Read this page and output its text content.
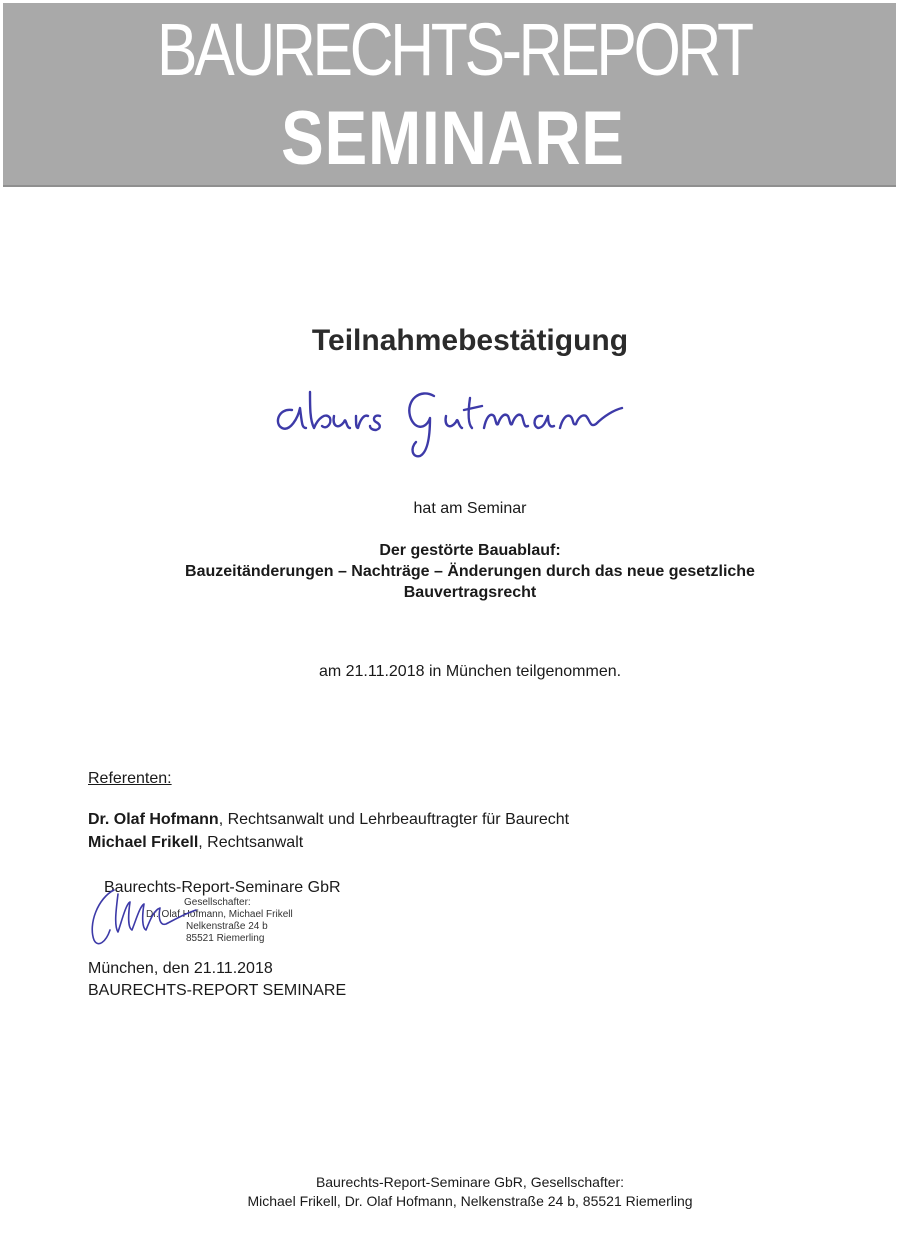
BAURECHTS-REPORT
SEMINARE
Teilnahmebestätigung
hat am Seminar
Der gestörte Bauablauf:
Bauzeitänderungen – Nachträge – Änderungen durch das neue gesetzliche
Bauvertragsrecht
am 21.11.2018 in München teilgenommen.
Referenten:
Dr. Olaf Hofmann, Rechtsanwalt und Lehrbeauftragter für Baurecht
Michael Frikell, Rechtsanwalt
Baurechts-Report-Seminare GbR
Gesellschafter:
Dr. Olaf Hofmann, Michael Frikell
Nelkenstraße 24 b
85521 Riemerling
München, den 21.11.2018
BAURECHTS-REPORT SEMINARE
Baurechts-Report-Seminare GbR, Gesellschafter:
Michael Frikell, Dr. Olaf Hofmann, Nelkenstraße 24 b, 85521 Riemerling
